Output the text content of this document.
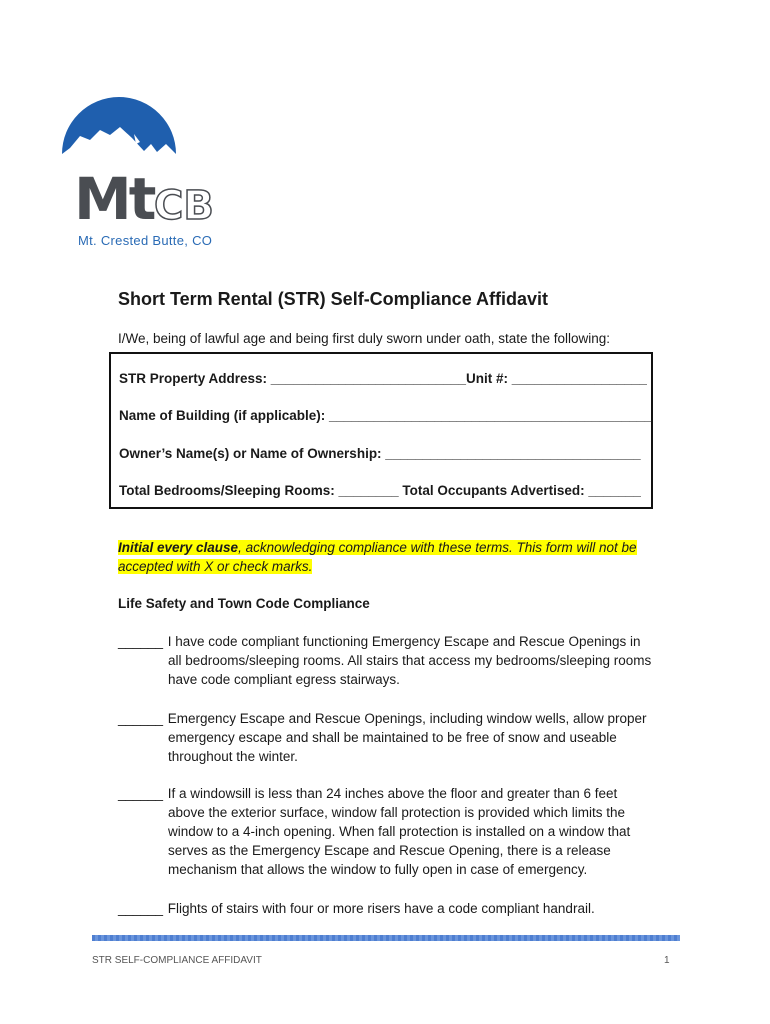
Mt CB
Mt. Crested Butte, CO
Short Term Rental (STR) Self-Compliance Affidavit
I/We, being of lawful age and being first duly sworn under oath, state the following:
STR Property Address: __________________________Unit #: __________________
Name of Building (if applicable): ___________________________________________
Owner’s Name(s) or Name of Ownership: __________________________________
Total Bedrooms/Sleeping Rooms: ________ Total Occupants Advertised: _______
Initial every clause, acknowledging compliance with these terms. This form will not be accepted with X or check marks.
Life Safety and Town Code Compliance
______ I have code compliant functioning Emergency Escape and Rescue Openings in
all bedrooms/sleeping rooms. All stairs that access my bedrooms/sleeping rooms have code compliant egress stairways.
______ Emergency Escape and Rescue Openings, including window wells, allow proper
emergency escape and shall be maintained to be free of snow and useable throughout the winter.
______ If a windowsill is less than 24 inches above the floor and greater than 6 feet
above the exterior surface, window fall protection is provided which limits the window to a 4-inch opening. When fall protection is installed on a window that serves as the Emergency Escape and Rescue Opening, there is a release mechanism that allows the window to fully open in case of emergency.
______ Flights of stairs with four or more risers have a code compliant handrail.
STR SELF-COMPLIANCE AFFIDAVIT	1
